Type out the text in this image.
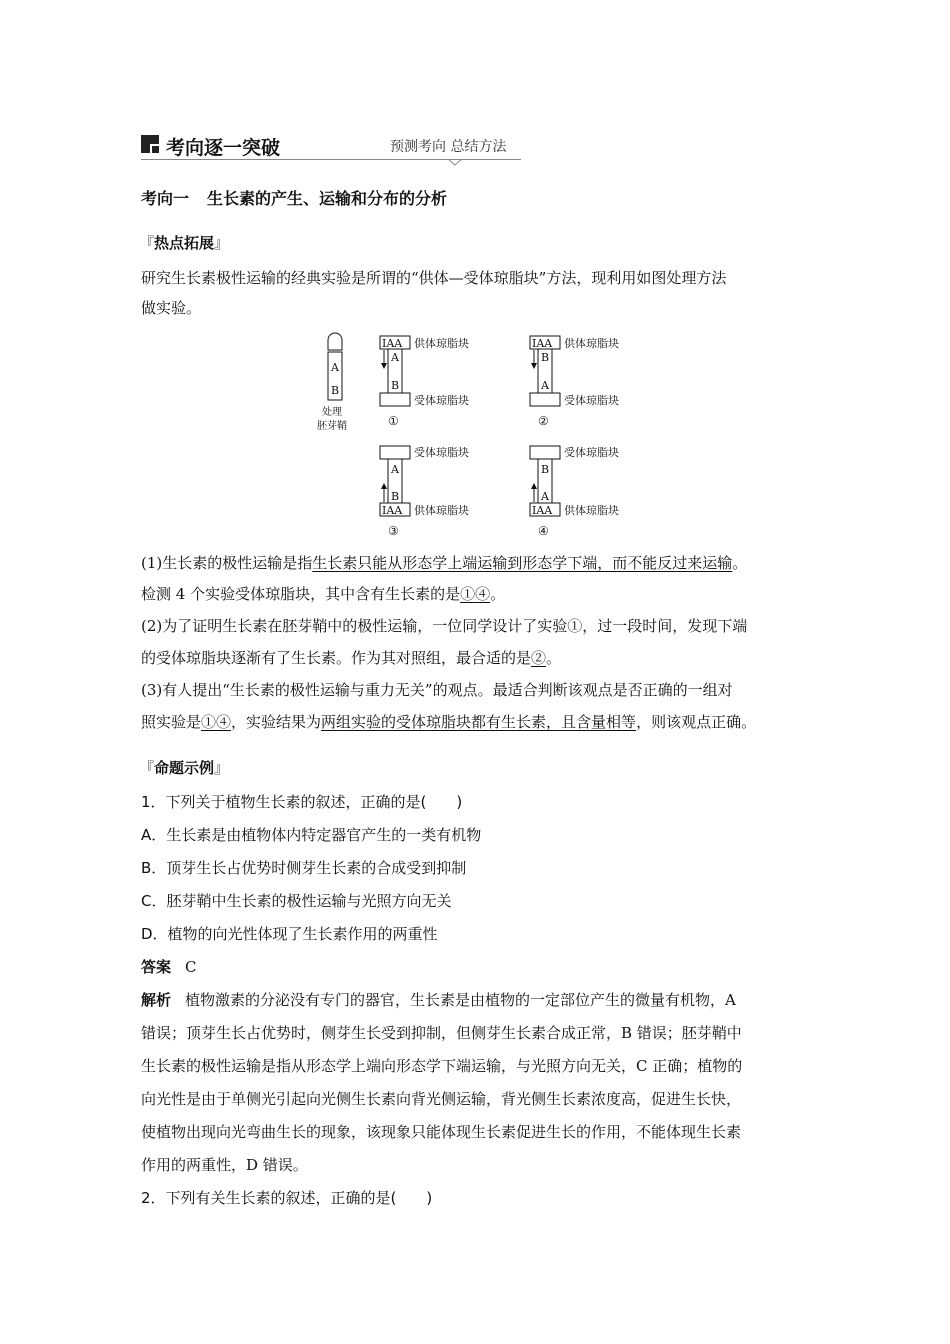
考向逐一突破	预测考向 总结方法
考向一 生长素的产生、运输和分布的分析
『热点拓展』
研究生长素极性运输的经典实验是所谓的“供体—受体琼脂块”方法，现利用如图处理方法
做实验。
A
B
处理
胚芽鞘
IAA
A
B
供体琼脂块
受体琼脂块
①
IAA
B
A
供体琼脂块
受体琼脂块
②
A
B
IAA
受体琼脂块
供体琼脂块
③
B
A
IAA
受体琼脂块
供体琼脂块
④
(1)生长素的极性运输是指生长素只能从形态学上端运输到形态学下端，而不能反过来运输。
检测 4 个实验受体琼脂块，其中含有生长素的是①④。
(2)为了证明生长素在胚芽鞘中的极性运输，一位同学设计了实验①，过一段时间，发现下端
的受体琼脂块逐渐有了生长素。作为其对照组，最合适的是②。
(3)有人提出“生长素的极性运输与重力无关”的观点。最适合判断该观点是否正确的一组对
照实验是①④，实验结果为两组实验的受体琼脂块都有生长素，且含量相等，则该观点正确。
『命题示例』
1．下列关于植物生长素的叙述，正确的是(　　)
A．生长素是由植物体内特定器官产生的一类有机物
B．顶芽生长占优势时侧芽生长素的合成受到抑制
C．胚芽鞘中生长素的极性运输与光照方向无关
D．植物的向光性体现了生长素作用的两重性
答案 C
解析 植物激素的分泌没有专门的器官，生长素是由植物的一定部位产生的微量有机物，A
错误；顶芽生长占优势时，侧芽生长受到抑制，但侧芽生长素合成正常，B 错误；胚芽鞘中
生长素的极性运输是指从形态学上端向形态学下端运输，与光照方向无关，C 正确；植物的
向光性是由于单侧光引起向光侧生长素向背光侧运输，背光侧生长素浓度高，促进生长快，
使植物出现向光弯曲生长的现象，该现象只能体现生长素促进生长的作用，不能体现生长素
作用的两重性，D 错误。
2．下列有关生长素的叙述，正确的是(　　)
